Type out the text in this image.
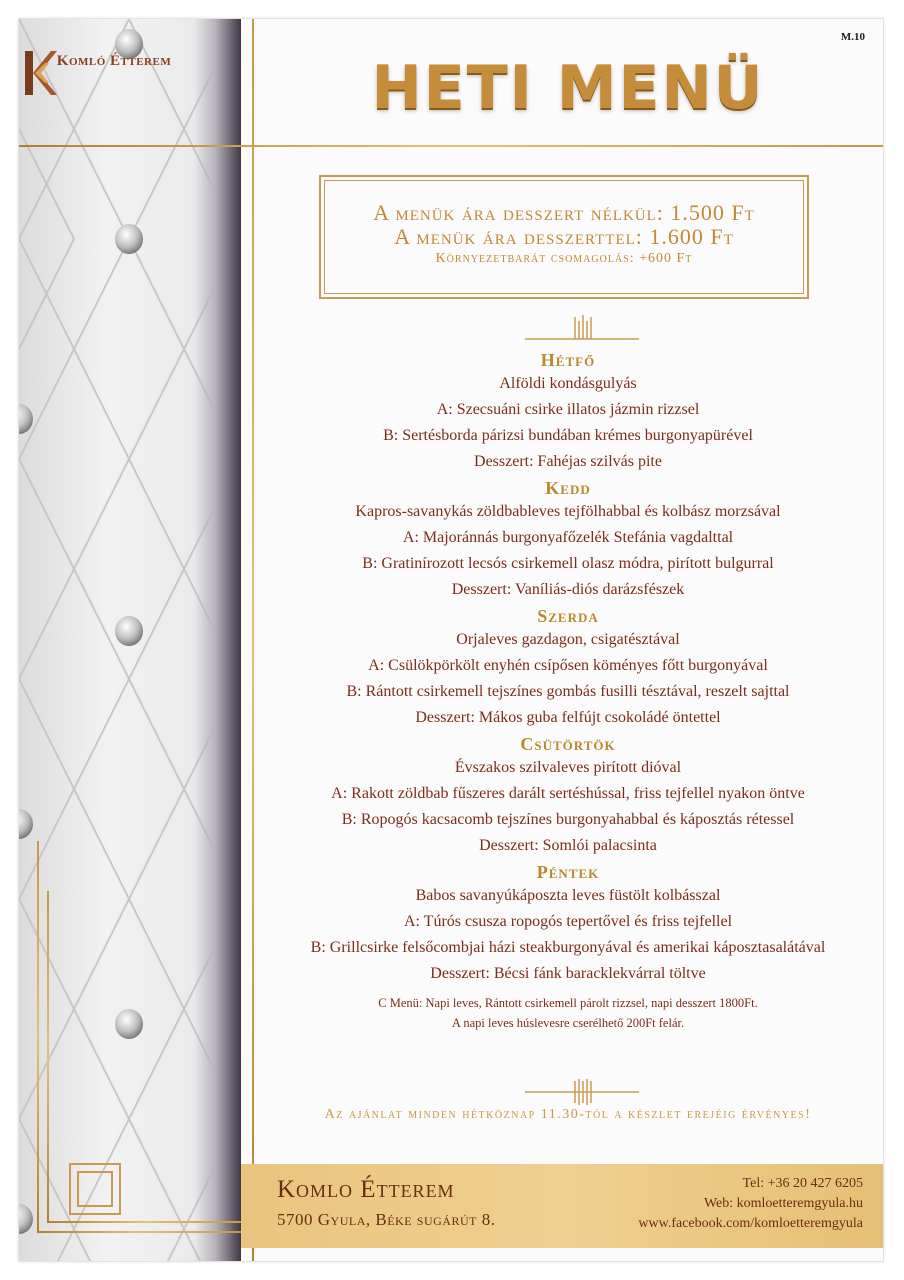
Komló Étterem
M.10
HETI MENÜ
A menük ára desszert nélkül: 1.500 Ft
A menük ára desszerttel: 1.600 Ft
Környezetbarát csomagolás: +600 Ft
Hétfő
Alföldi kondásgulyás
A: Szecsuáni csirke illatos jázmin rizzsel
B: Sertésborda párizsi bundában krémes burgonyapürével
Desszert: Fahéjas szilvás pite
Kedd
Kapros-savanykás zöldbableves tejfölhabbal és kolbász morzsával
A: Majoránnás burgonyafőzelék Stefánia vagdalttal
B: Gratinírozott lecsós csirkemell olasz módra, pirított bulgurral
Desszert: Vaníliás-diós darázsfészek
Szerda
Orjaleves gazdagon, csigatésztával
A: Csülökpörkölt enyhén csípősen köményes főtt burgonyával
B: Rántott csirkemell tejszínes gombás fusilli tésztával, reszelt sajttal
Desszert: Mákos guba felfújt csokoládé öntettel
Csütörtök
Évszakos szilvaleves pirított dióval
A: Rakott zöldbab fűszeres darált sertéshússal, friss tejfellel nyakon öntve
B: Ropogós kacsacomb tejszínes burgonyahabbal és káposztás rétessel
Desszert: Somlói palacsinta
Péntek
Babos savanyúkáposzta leves füstölt kolbásszal
A: Túrós csusza ropogós tepertővel és friss tejfellel
B: Grillcsirke felsőcombjai házi steakburgonyával és amerikai káposztasalátával
Desszert: Bécsi fánk baracklekvárral töltve
C Menü: Napi leves, Rántott csirkemell párolt rizzsel, napi desszert 1800Ft.
A napi leves húslevesre cserélhető 200Ft felár.
Az ajánlat minden hétköznap 11.30-tól a készlet erejéig érvényes!
Komlo Étterem
5700 Gyula, Béke sugárút 8.
Tel: +36 20 427 6205
Web: komloetteremgyula.hu
www.facebook.com/komloetteremgyula
